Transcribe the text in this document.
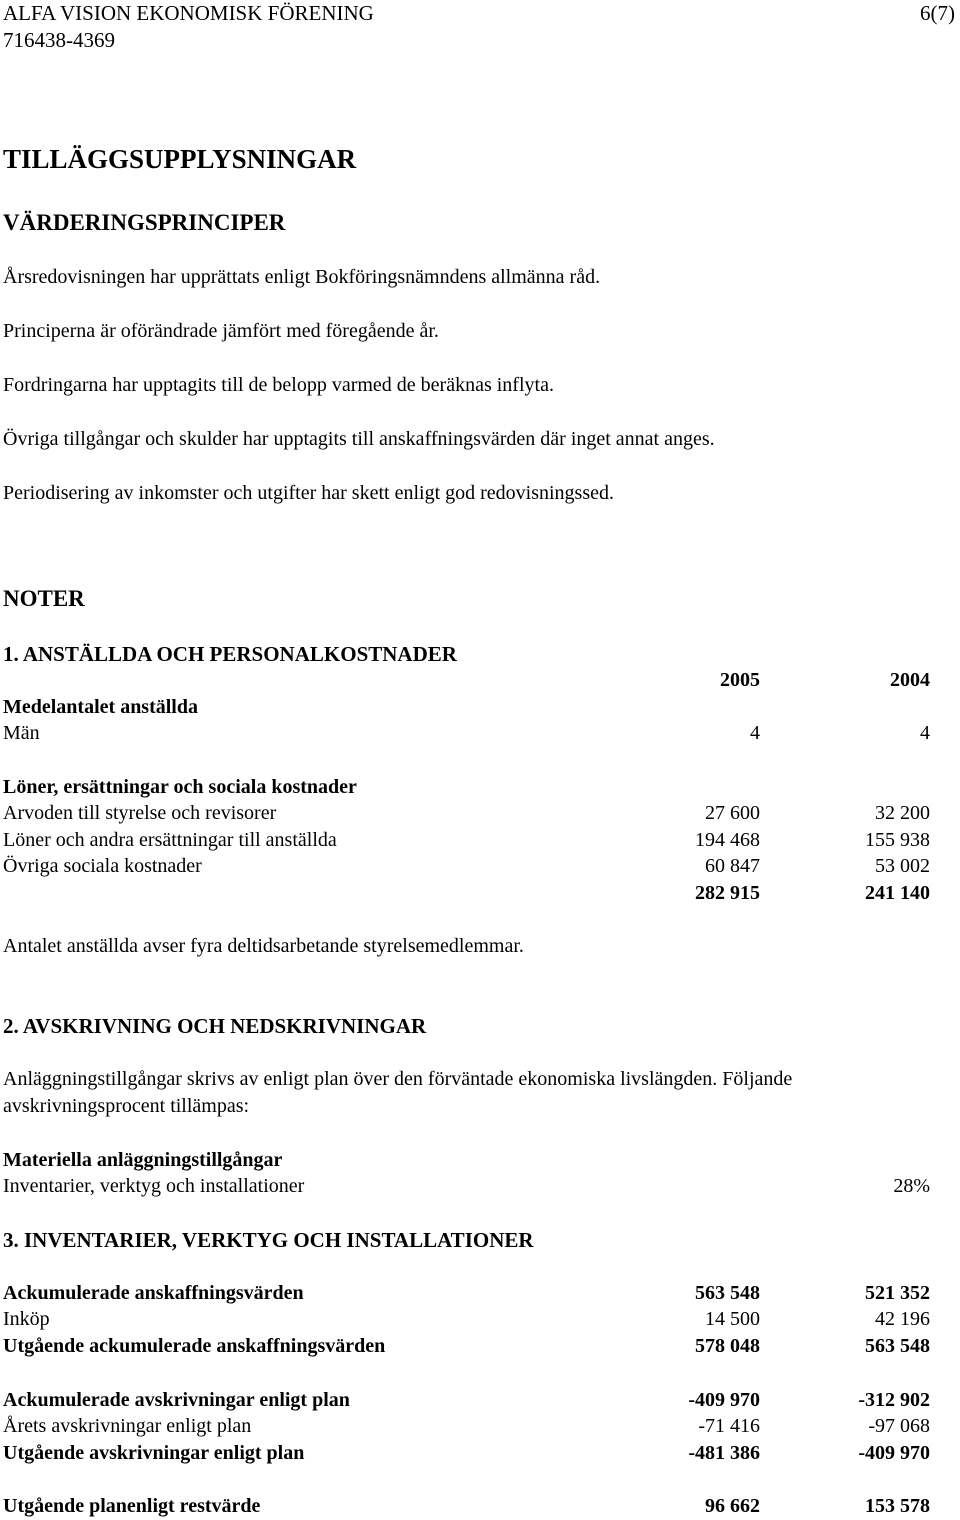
ALFA VISION EKONOMISK FÖRENING	6(7)
716438-4369
TILLÄGGSUPPLYSNINGAR
VÄRDERINGSPRINCIPER
Årsredovisningen har upprättats enligt Bokföringsnämndens allmänna råd.
Principerna är oförändrade jämfört med föregående år.
Fordringarna har upptagits till de belopp varmed de beräknas inflyta.
Övriga tillgångar och skulder har upptagits till anskaffningsvärden där inget annat anges.
Periodisering av inkomster och utgifter har skett enligt god redovisningssed.
NOTER
1. ANSTÄLLDA OCH PERSONALKOSTNADER
2005	2004
Medelantalet anställda
Män	4	4
Löner, ersättningar och sociala kostnader
Arvoden till styrelse och revisorer	27 600	32 200
Löner och andra ersättningar till anställda	194 468	155 938
Övriga sociala kostnader	60 847	53 002
282 915	241 140
Antalet anställda avser fyra deltidsarbetande styrelsemedlemmar.
2. AVSKRIVNING OCH NEDSKRIVNINGAR
Anläggningstillgångar skrivs av enligt plan över den förväntade ekonomiska livslängden. Följande
avskrivningsprocent tillämpas:
Materiella anläggningstillgångar
Inventarier, verktyg och installationer	28%
3. INVENTARIER, VERKTYG OCH INSTALLATIONER
Ackumulerade anskaffningsvärden	563 548	521 352
Inköp	14 500	42 196
Utgående ackumulerade anskaffningsvärden	578 048	563 548
Ackumulerade avskrivningar enligt plan	-409 970	-312 902
Årets avskrivningar enligt plan	-71 416	-97 068
Utgående avskrivningar enligt plan	-481 386	-409 970
Utgående planenligt restvärde	96 662	153 578
